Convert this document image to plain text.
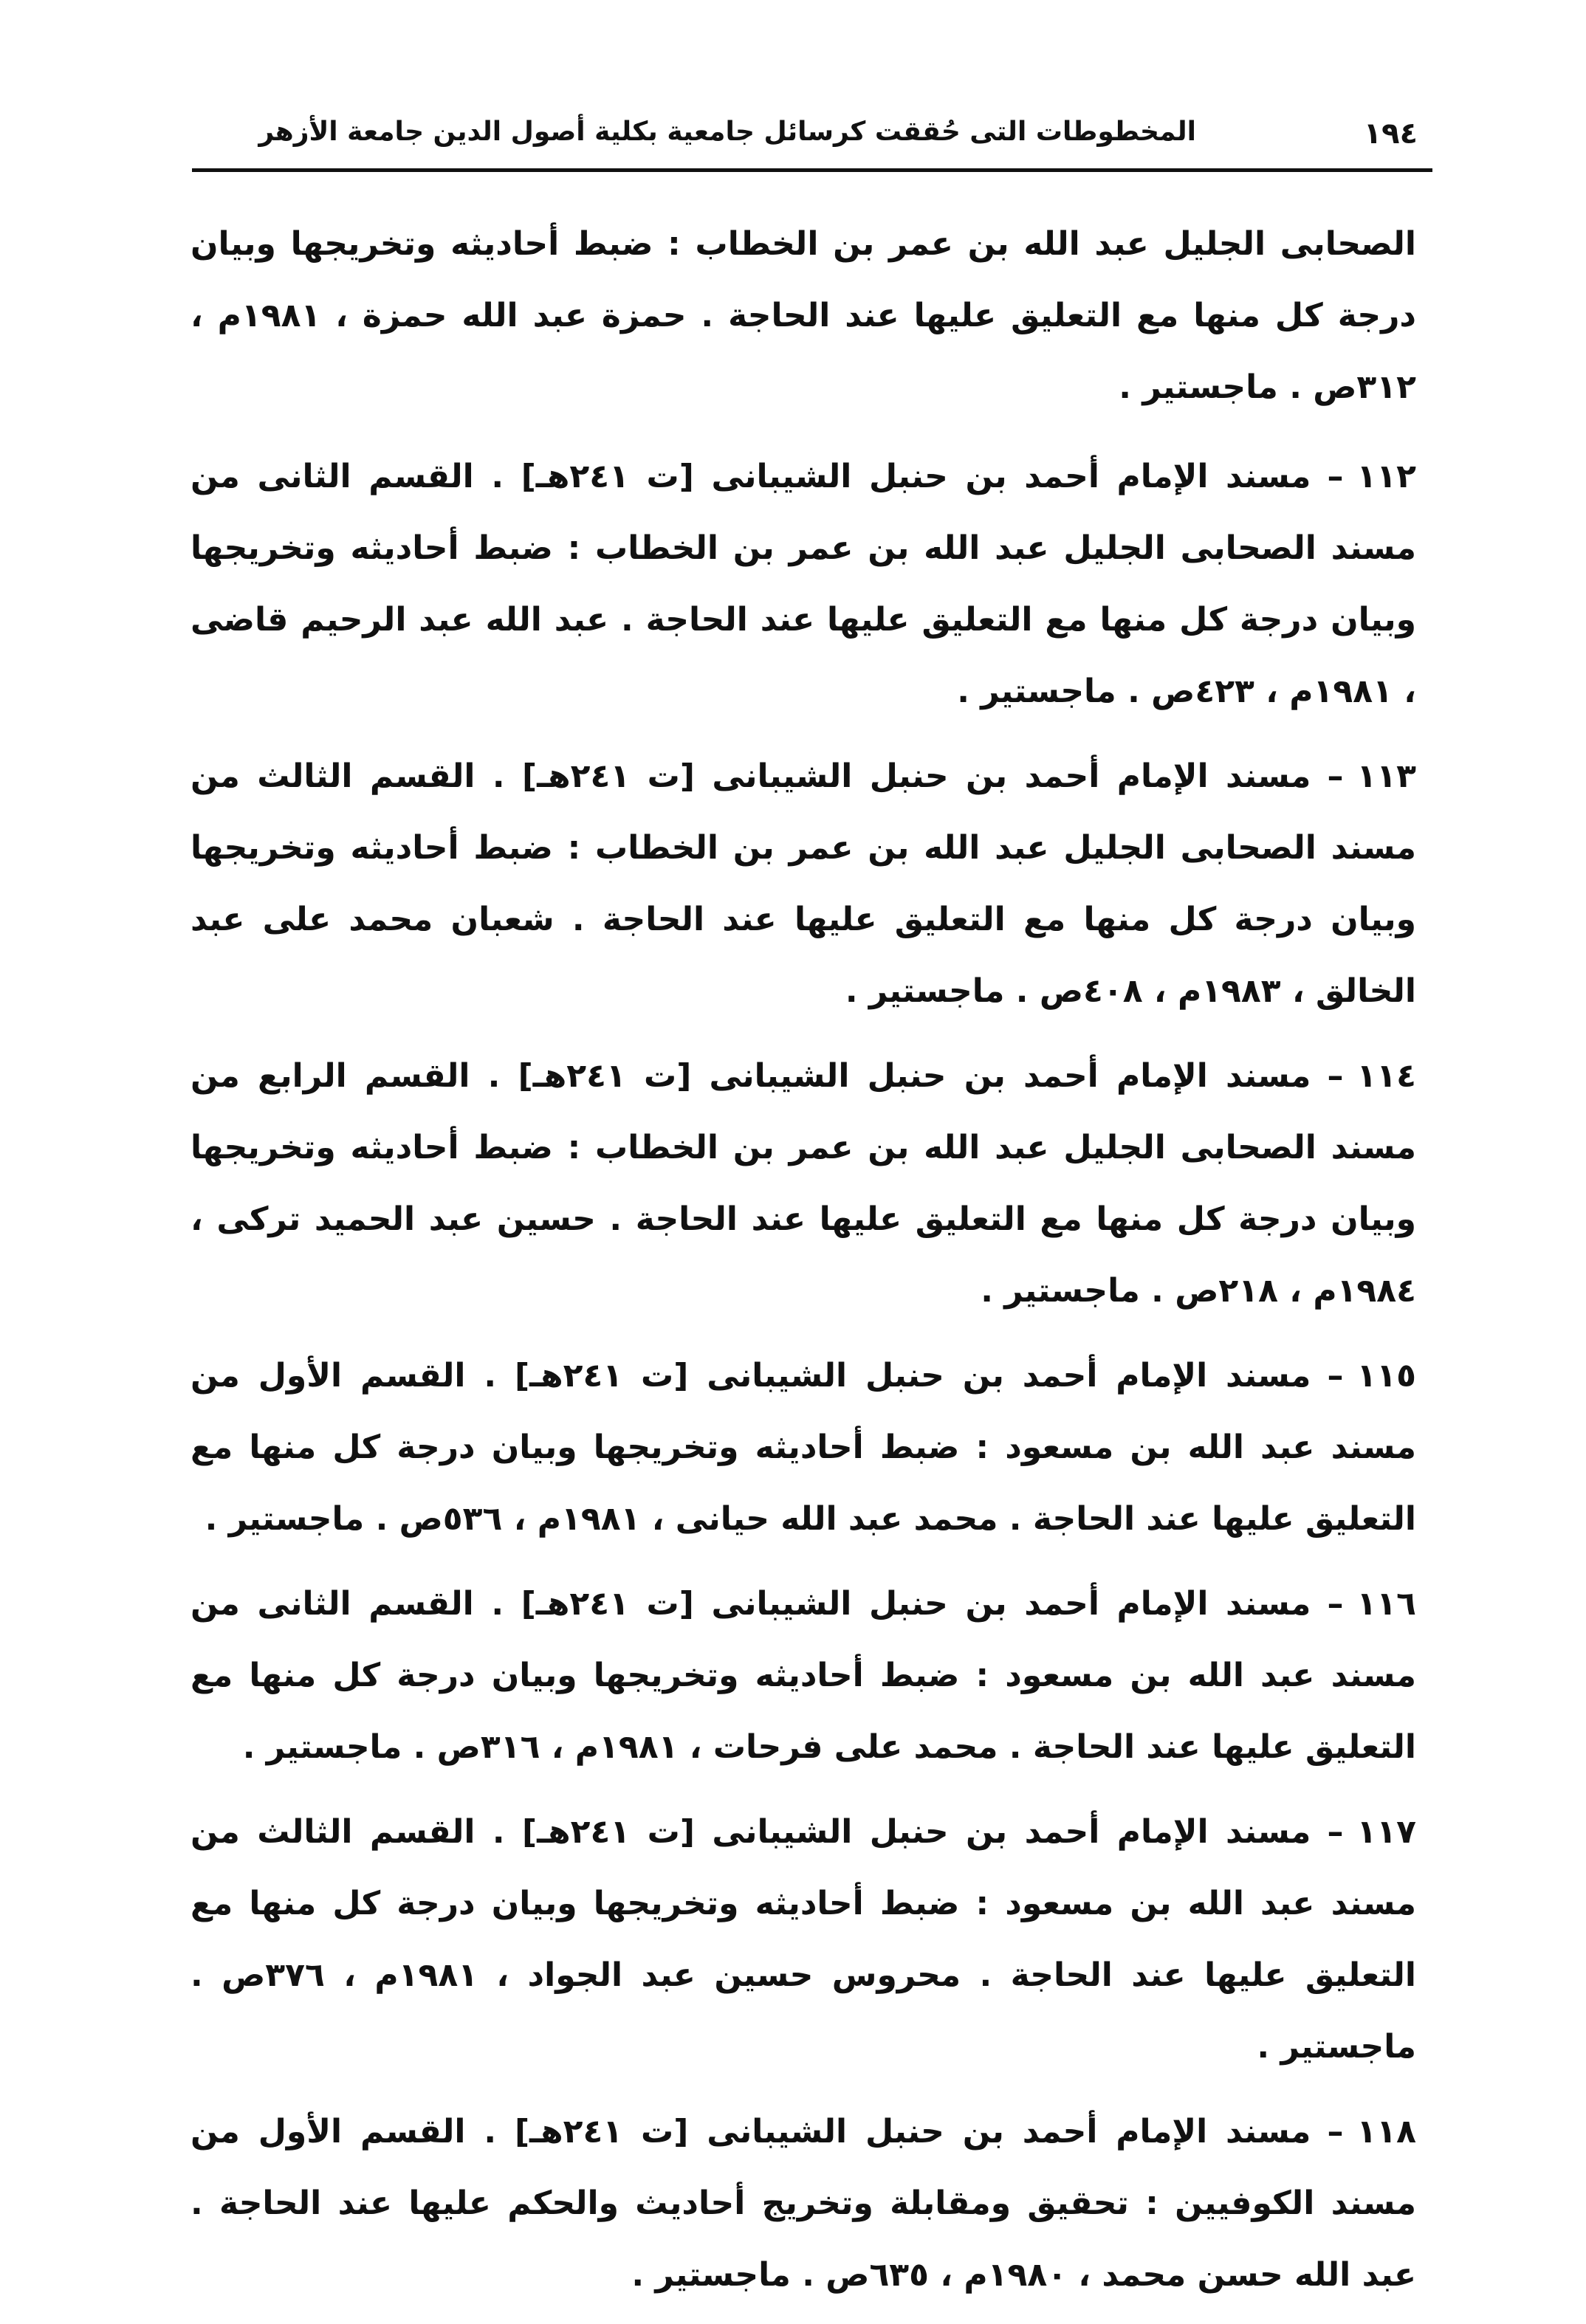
١٩٤
المخطوطات التى حُققت كرسائل جامعية بكلية أصول الدين جامعة الأزهر

الصحابى الجليل عبد الله بن عمر بن الخطاب : ضبط أحاديثه وتخريجها وبيان درجة كل منها مع التعليق عليها عند الحاجة . حمزة عبد الله حمزة ، ١٩٨١م ، ٣١٢ص . ماجستير .

١١٢–مسند الإمام أحمد بن حنبل الشيبانى [ت ٢٤١هـ] . القسم الثانى من مسند الصحابى الجليل عبد الله بن عمر بن الخطاب : ضبط أحاديثه وتخريجها وبيان درجة كل منها مع التعليق عليها عند الحاجة . عبد الله عبد الرحيم قاضى ، ١٩٨١م ، ٤٢٣ص . ماجستير .

١١٣–مسند الإمام أحمد بن حنبل الشيبانى [ت ٢٤١هـ] . القسم الثالث من مسند الصحابى الجليل عبد الله بن عمر بن الخطاب : ضبط أحاديثه وتخريجها وبيان درجة كل منها مع التعليق عليها عند الحاجة . شعبان محمد على عبد الخالق ، ١٩٨٣م ، ٤٠٨ص . ماجستير .

١١٤–مسند الإمام أحمد بن حنبل الشيبانى [ت ٢٤١هـ] . القسم الرابع من مسند الصحابى الجليل عبد الله بن عمر بن الخطاب : ضبط أحاديثه وتخريجها وبيان درجة كل منها مع التعليق عليها عند الحاجة . حسين عبد الحميد تركى ، ١٩٨٤م ، ٢١٨ص . ماجستير .

١١٥–مسند الإمام أحمد بن حنبل الشيبانى [ت ٢٤١هـ] . القسم الأول من مسند عبد الله بن مسعود : ضبط أحاديثه وتخريجها وبيان درجة كل منها مع التعليق عليها عند الحاجة . محمد عبد الله حيانى ، ١٩٨١م ، ٥٣٦ص . ماجستير .

١١٦–مسند الإمام أحمد بن حنبل الشيبانى [ت ٢٤١هـ] . القسم الثانى من مسند عبد الله بن مسعود : ضبط أحاديثه وتخريجها وبيان درجة كل منها مع التعليق عليها عند الحاجة . محمد على فرحات ، ١٩٨١م ، ٣١٦ص . ماجستير .

١١٧–مسند الإمام أحمد بن حنبل الشيبانى [ت ٢٤١هـ] . القسم الثالث من مسند عبد الله بن مسعود : ضبط أحاديثه وتخريجها وبيان درجة كل منها مع التعليق عليها عند الحاجة . محروس حسين عبد الجواد ، ١٩٨١م ، ٣٧٦ص . ماجستير .

١١٨–مسند الإمام أحمد بن حنبل الشيبانى [ت ٢٤١هـ] . القسم الأول من مسند الكوفيين : تحقيق ومقابلة وتخريج أحاديث والحكم عليها عند الحاجة . عبد الله حسن محمد ، ١٩٨٠م ، ٦٣٥ص . ماجستير .
